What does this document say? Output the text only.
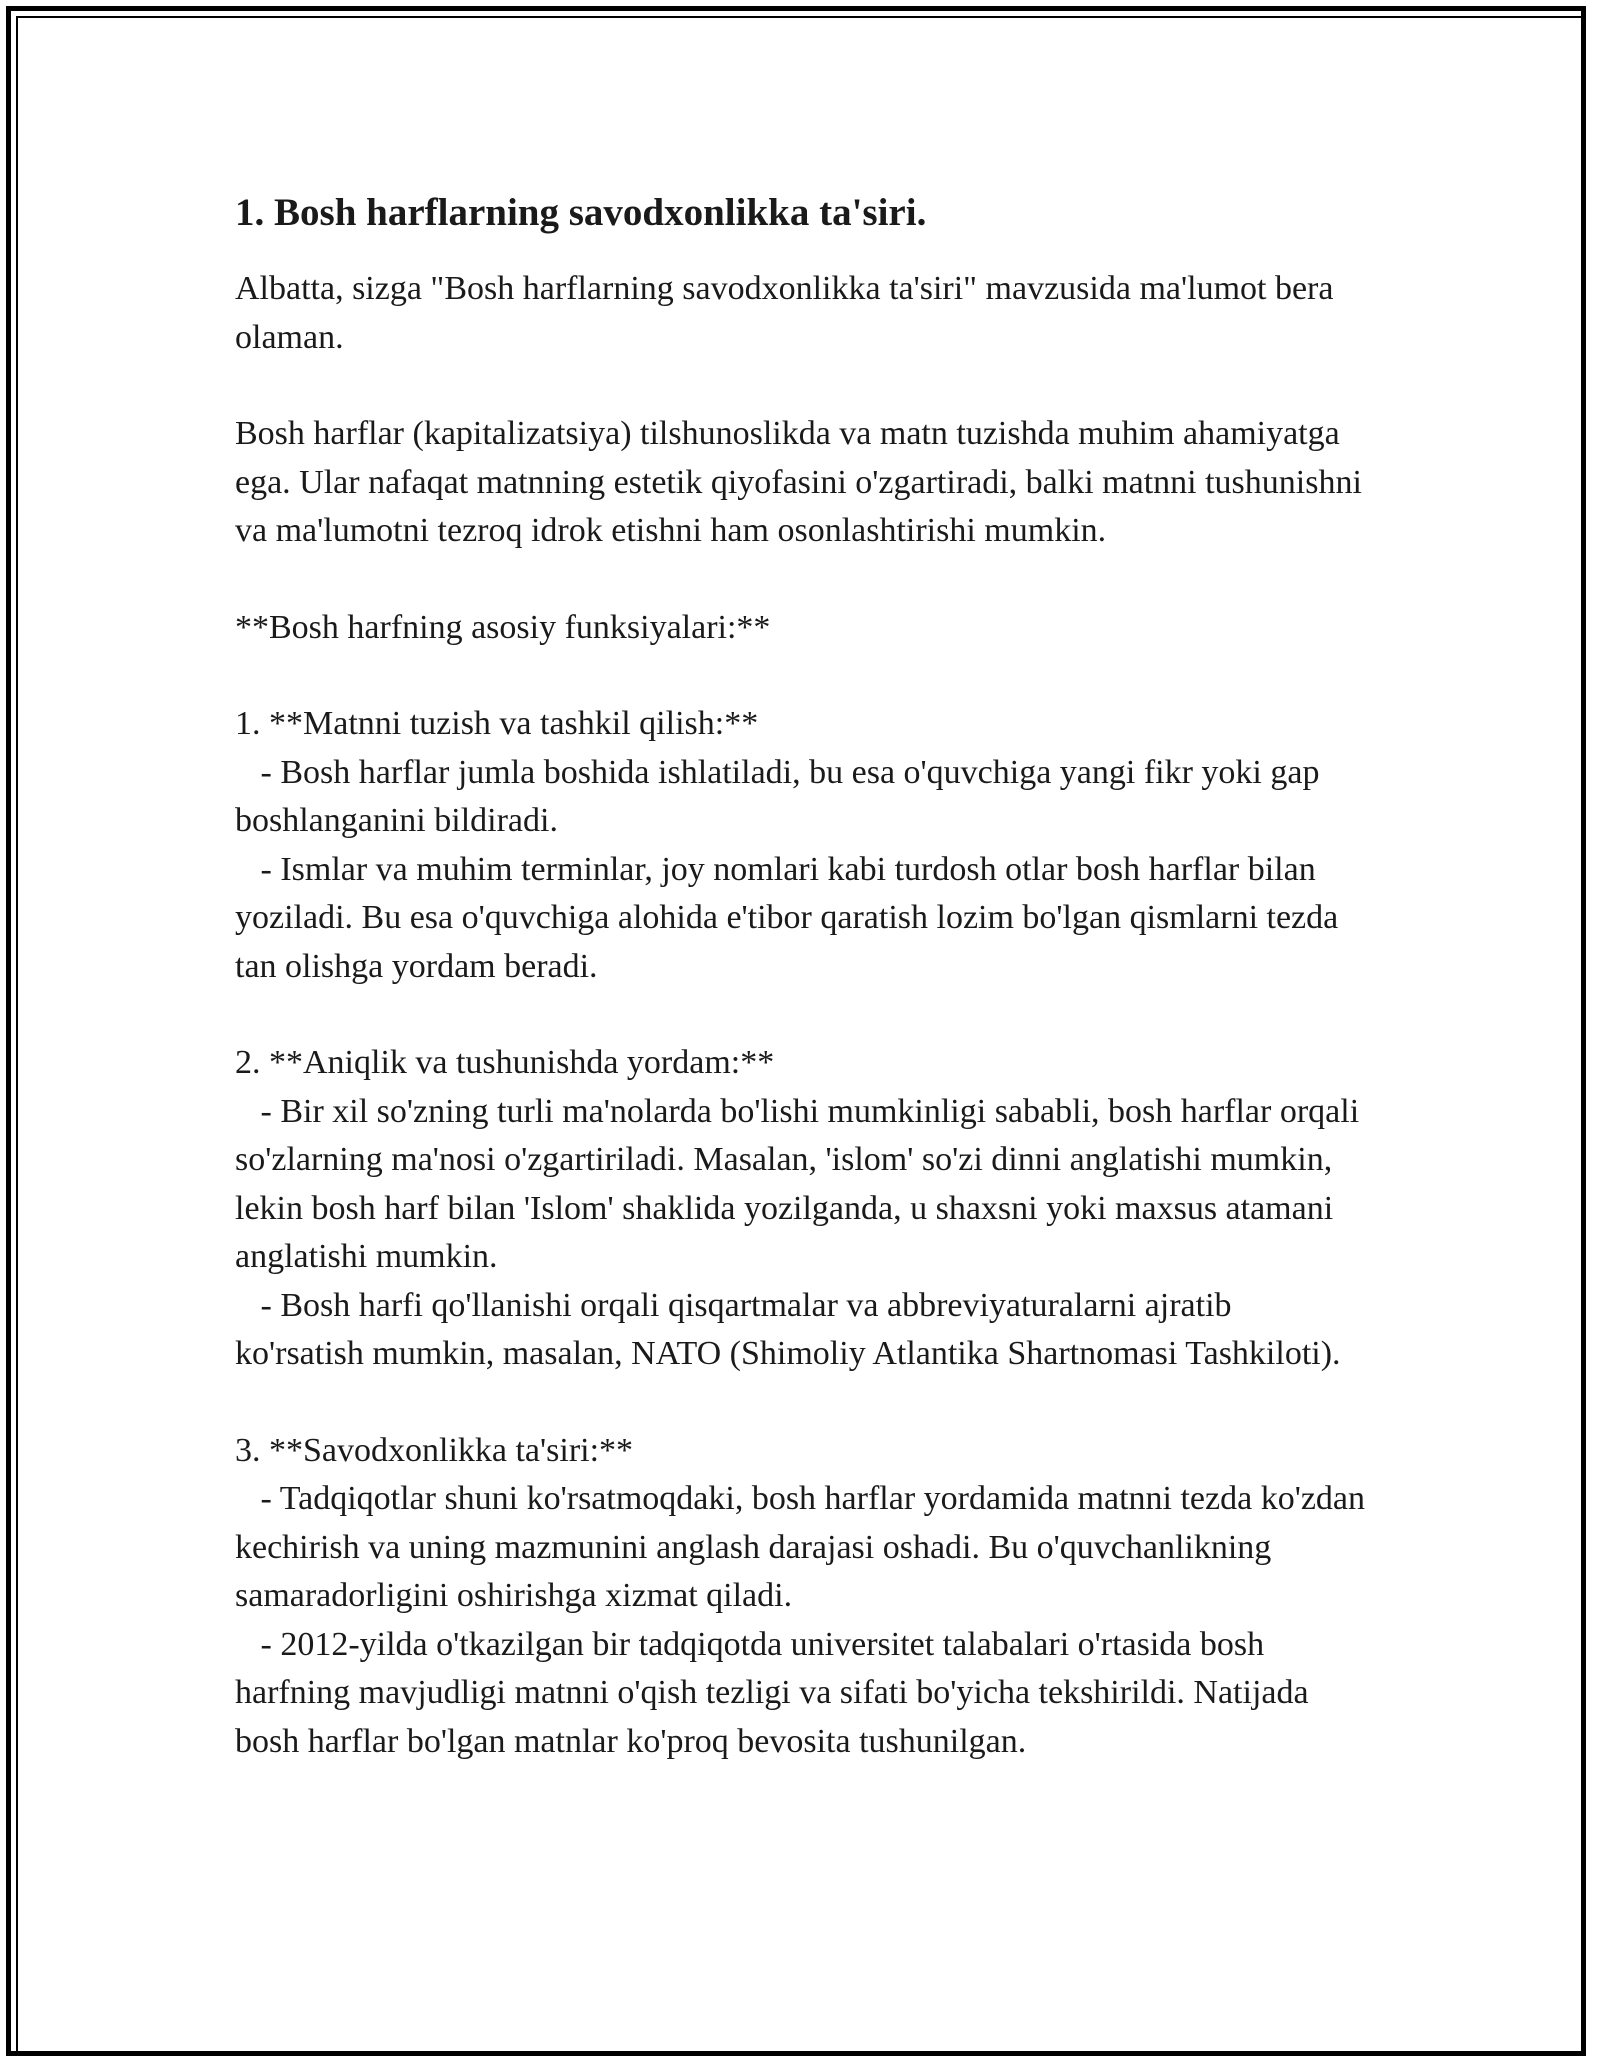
1. Bosh harflarning savodxonlikka ta'siri.

Albatta, sizga "Bosh harflarning savodxonlikka ta'siri" mavzusida ma'lumot bera olaman.

Bosh harflar (kapitalizatsiya) tilshunoslikda va matn tuzishda muhim ahamiyatga ega. Ular nafaqat matnning estetik qiyofasini o'zgartiradi, balki matnni tushunishni va ma'lumotni tezroq idrok etishni ham osonlashtirishi mumkin.

**Bosh harfning asosiy funksiyalari:**

1. **Matnni tuzish va tashkil qilish:**

- Bosh harflar jumla boshida ishlatiladi, bu esa o'quvchiga yangi fikr yoki gap boshlanganini bildiradi.

- Ismlar va muhim terminlar, joy nomlari kabi turdosh otlar bosh harflar bilan yoziladi. Bu esa o'quvchiga alohida e'tibor qaratish lozim bo'lgan qismlarni tezda tan olishga yordam beradi.

2. **Aniqlik va tushunishda yordam:**

- Bir xil so'zning turli ma'nolarda bo'lishi mumkinligi sababli, bosh harflar orqali so'zlarning ma'nosi o'zgartiriladi. Masalan, 'islom' so'zi dinni anglatishi mumkin, lekin bosh harf bilan 'Islom' shaklida yozilganda, u shaxsni yoki maxsus atamani anglatishi mumkin.

- Bosh harfi qo'llanishi orqali qisqartmalar va abbreviyaturalarni ajratib ko'rsatish mumkin, masalan, NATO (Shimoliy Atlantika Shartnomasi Tashkiloti).

3. **Savodxonlikka ta'siri:**

- Tadqiqotlar shuni ko'rsatmoqdaki, bosh harflar yordamida matnni tezda ko'zdan kechirish va uning mazmunini anglash darajasi oshadi. Bu o'quvchanlikning samaradorligini oshirishga xizmat qiladi.

- 2012-yilda o'tkazilgan bir tadqiqotda universitet talabalari o'rtasida bosh harfning mavjudligi matnni o'qish tezligi va sifati bo'yicha tekshirildi. Natijada bosh harflar bo'lgan matnlar ko'proq bevosita tushunilgan.
